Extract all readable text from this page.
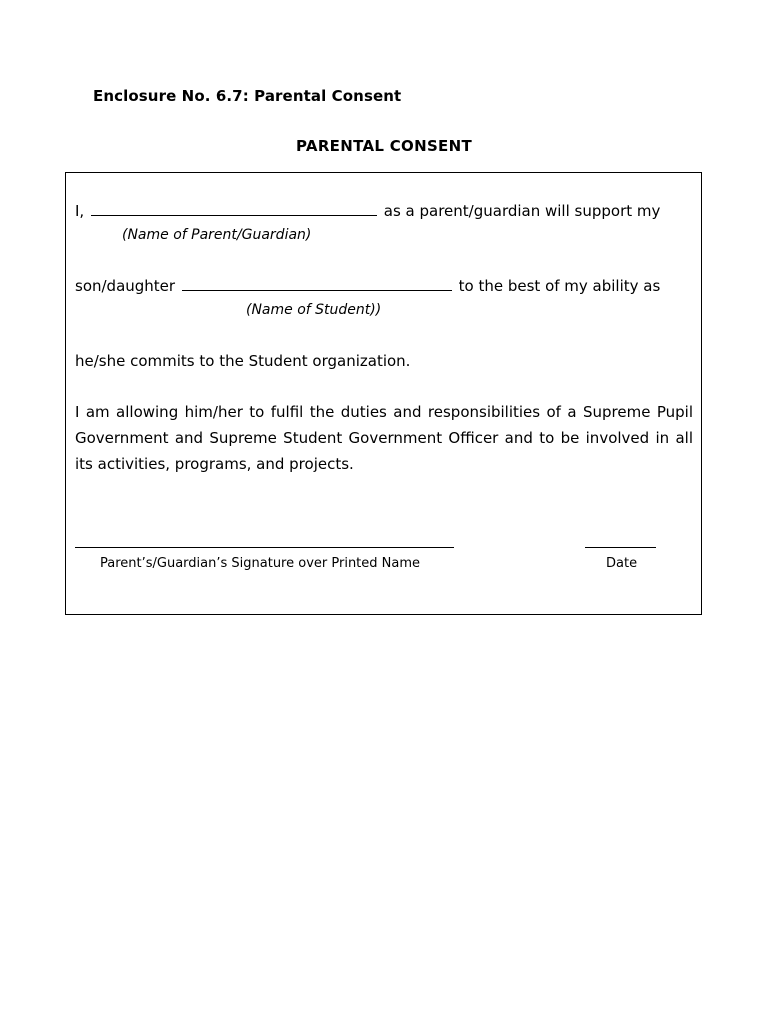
Enclosure No. 6.7: Parental Consent
PARENTAL CONSENT
I,	as a parent/guardian will support my
(Name of Parent/Guardian)
son/daughter	to the best of my ability as
(Name of Student))
he/she commits to the Student organization.
I am allowing him/her to fulfil the duties and responsibilities of a Supreme Pupil Government and Supreme Student Government Officer and to be involved in all its activities, programs, and projects.
Parent’s/Guardian’s Signature over Printed Name	Date
